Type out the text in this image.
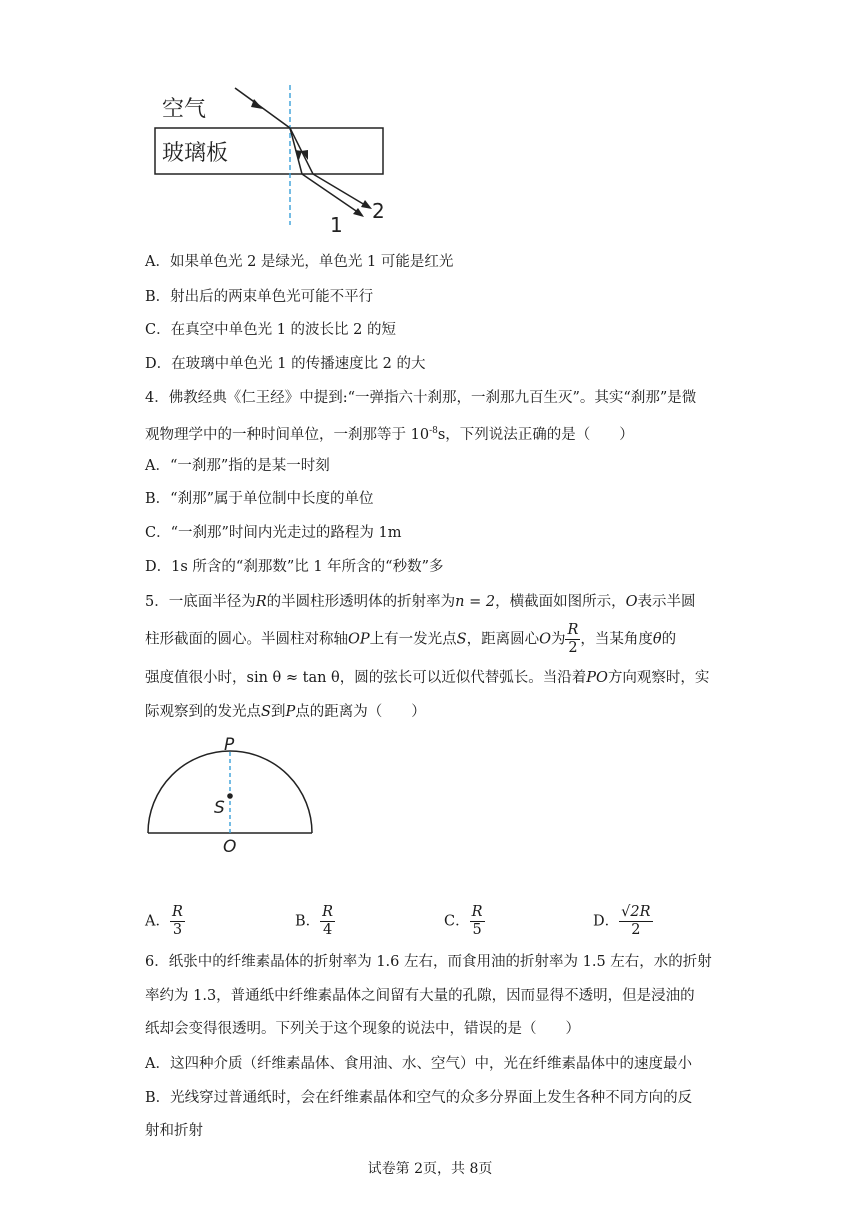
空气
玻璃板
1
2
A．如果单色光 2 是绿光，单色光 1 可能是红光
B．射出后的两束单色光可能不平行
C．在真空中单色光 1 的波长比 2 的短
D．在玻璃中单色光 1 的传播速度比 2 的大
4．佛教经典《仁王经》中提到:“一弹指六十刹那，一刹那九百生灭”。其实“刹那”是微
观物理学中的一种时间单位，一刹那等于 $10^{-8}s$，下列说法正确的是（　　）
A．“一刹那”指的是某一时刻
B．“刹那”属于单位制中长度的单位
C．“一刹那”时间内光走过的路程为 1m
D．1s 所含的“刹那数”比 1 年所含的“秒数”多
5．一底面半径为R的半圆柱形透明体的折射率为n = 2，横截面如图所示，O表示半圆
柱形截面的圆心。半圆柱对称轴OP上有一发光点S，距离圆心O为 $\frac{R}{2}$ ，当某角度θ的
强度值很小时，sin θ ≈ tan θ，圆的弦长可以近似代替弧长。当沿着PO方向观察时，实
际观察到的发光点S到P点的距离为（　　）
P
S
O
A． $\frac{R}{3}$	B． $\frac{R}{4}$	C． $\frac{R}{5}$	D． $\frac{√2R}{2}$
6．纸张中的纤维素晶体的折射率为 1.6 左右，而食用油的折射率为 1.5 左右，水的折射
率约为 1.3，普通纸中纤维素晶体之间留有大量的孔隙，因而显得不透明，但是浸油的
纸却会变得很透明。下列关于这个现象的说法中，错误的是（　　）
A．这四种介质（纤维素晶体、食用油、水、空气）中，光在纤维素晶体中的速度最小
B．光线穿过普通纸时，会在纤维素晶体和空气的众多分界面上发生各种不同方向的反
射和折射
试卷第 2页，共 8页
